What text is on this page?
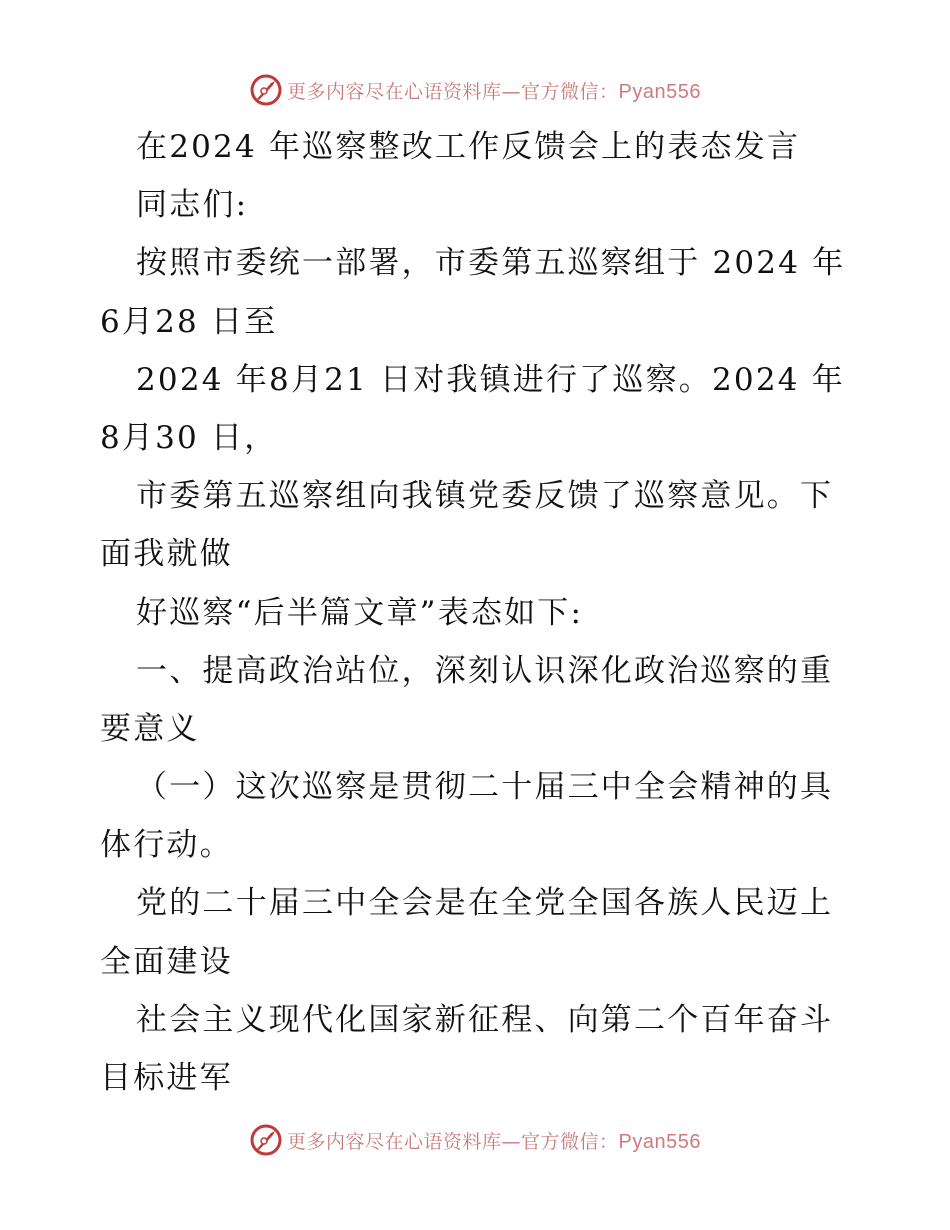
更多内容尽在心语资料库—官方微信：Pyan556
在2024 年巡察整改工作反馈会上的表态发言
同志们:
按照市委统一部署，市委第五巡察组于 2024 年
6月28 日至
2024 年8月21 日对我镇进行了巡察。2024 年
8月30 日，
市委第五巡察组向我镇党委反馈了巡察意见。下
面我就做
好巡察“后半篇文章”表态如下:
一、提高政治站位，深刻认识深化政治巡察的重
要意义
（一）这次巡察是贯彻二十届三中全会精神的具
体行动。
党的二十届三中全会是在全党全国各族人民迈上
全面建设
社会主义现代化国家新征程、向第二个百年奋斗
目标进军
更多内容尽在心语资料库—官方微信：Pyan556
